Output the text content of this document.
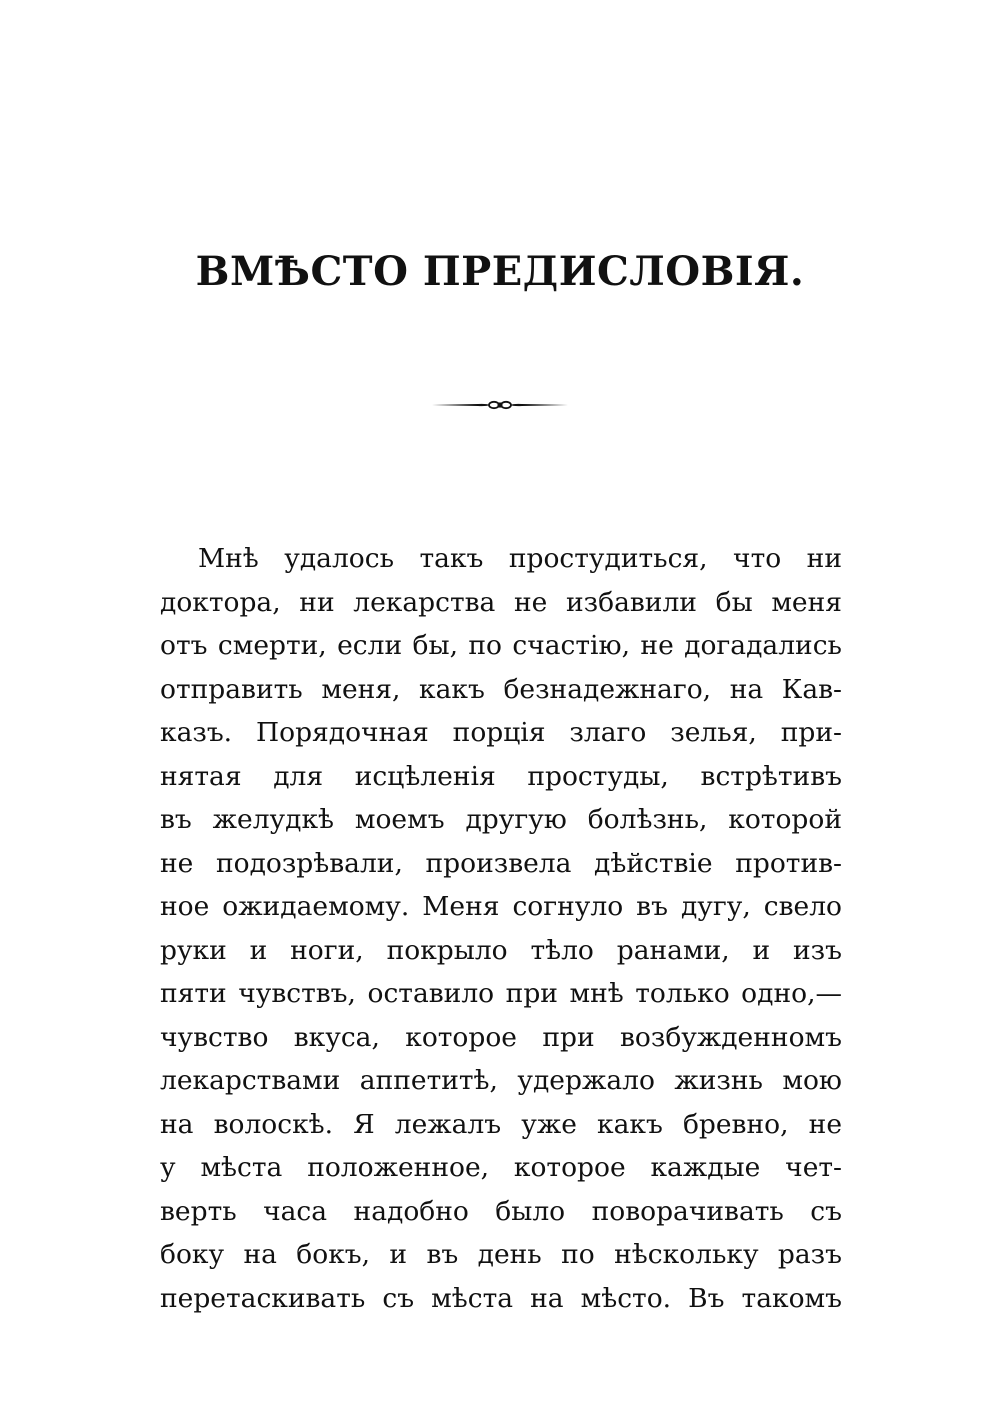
ВМѢСТО ПРЕДИСЛОВІЯ.
Мнѣ удалось такъ простудиться, что ни
доктора, ни лекарства не избавили бы меня
отъ смерти, если бы, по счастію, не догадались
отправить меня, какъ безнадежнаго, на Кав-
казъ. Порядочная порція злаго зелья, при-
нятая для исцѣленія простуды, встрѣтивъ
въ желудкѣ моемъ другую болѣзнь, которой
не подозрѣвали, произвела дѣйствіе против-
ное ожидаемому. Меня согнуло въ дугу, свело
руки и ноги, покрыло тѣло ранами, и изъ
пяти чувствъ, оставило при мнѣ только одно,—
чувство вкуса, которое при возбужденномъ
лекарствами аппетитѣ, удержало жизнь мою
на волоскѣ. Я лежалъ уже какъ бревно, не
у мѣста положенное, которое каждые чет-
верть часа надобно было поворачивать съ
боку на бокъ, и въ день по нѣскольку разъ
перетаскивать съ мѣста на мѣсто. Въ такомъ
